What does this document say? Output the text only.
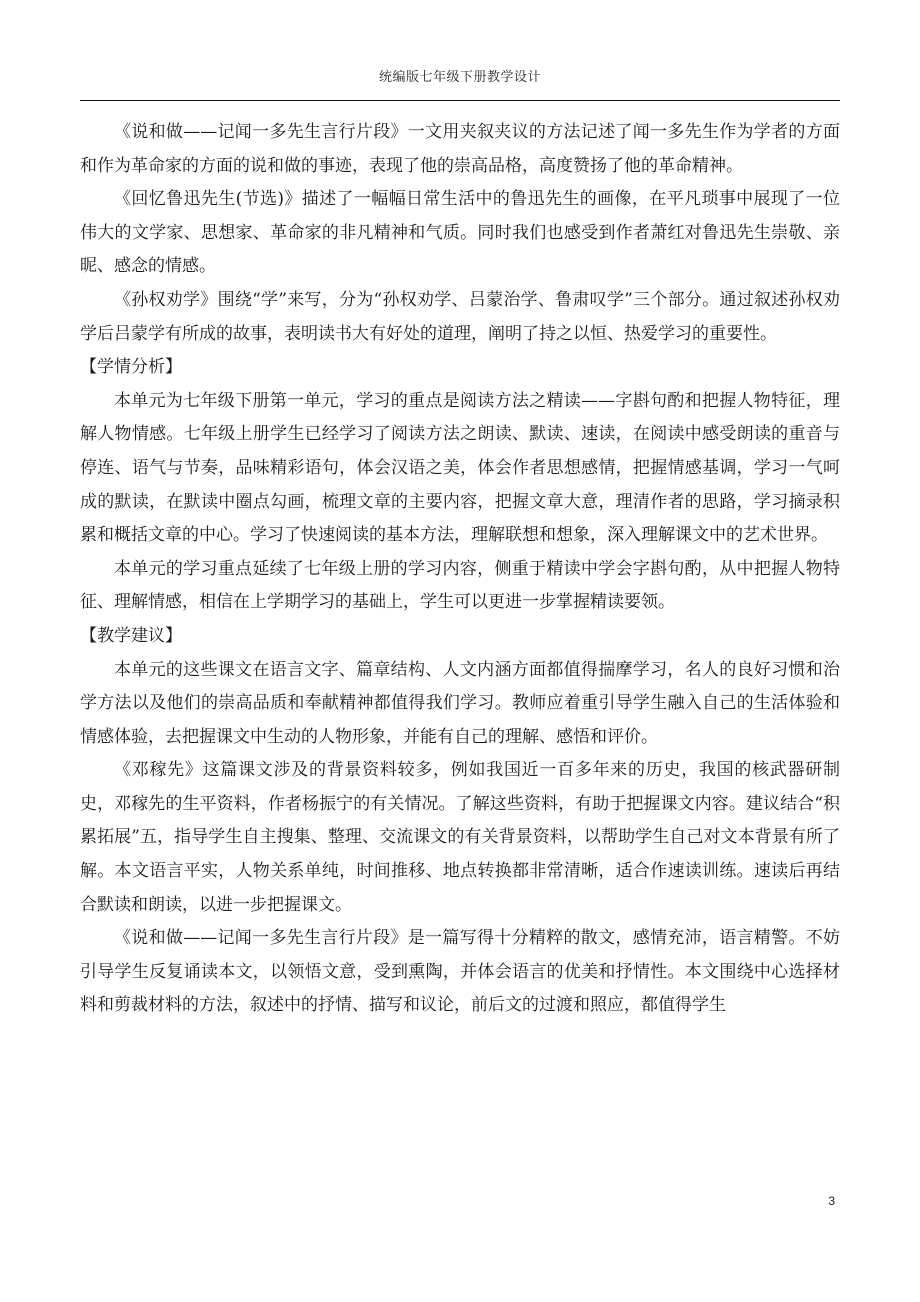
统编版七年级下册教学设计

《说和做——记闻一多先生言行片段》一文用夹叙夹议的方法记述了闻一多先生作为学者的方面和作为革命家的方面的说和做的事迹，表现了他的崇高品格，高度赞扬了他的革命精神。

《回忆鲁迅先生(节选)》描述了一幅幅日常生活中的鲁迅先生的画像，在平凡琐事中展现了一位伟大的文学家、思想家、革命家的非凡精神和气质。同时我们也感受到作者萧红对鲁迅先生崇敬、亲昵、感念的情感。

《孙权劝学》围绕“学”来写，分为“孙权劝学、吕蒙治学、鲁肃叹学”三个部分。通过叙述孙权劝学后吕蒙学有所成的故事，表明读书大有好处的道理，阐明了持之以恒、热爱学习的重要性。

【学情分析】

本单元为七年级下册第一单元，学习的重点是阅读方法之精读——字斟句酌和把握人物特征，理解人物情感。七年级上册学生已经学习了阅读方法之朗读、默读、速读，在阅读中感受朗读的重音与停连、语气与节奏，品味精彩语句，体会汉语之美，体会作者思想感情，把握情感基调，学习一气呵成的默读，在默读中圈点勾画，梳理文章的主要内容，把握文章大意，理清作者的思路，学习摘录积累和概括文章的中心。学习了快速阅读的基本方法，理解联想和想象，深入理解课文中的艺术世界。

本单元的学习重点延续了七年级上册的学习内容，侧重于精读中学会字斟句酌，从中把握人物特征、理解情感，相信在上学期学习的基础上，学生可以更进一步掌握精读要领。

【教学建议】

本单元的这些课文在语言文字、篇章结构、人文内涵方面都值得揣摩学习，名人的良好习惯和治学方法以及他们的崇高品质和奉献精神都值得我们学习。教师应着重引导学生融入自己的生活体验和情感体验，去把握课文中生动的人物形象，并能有自己的理解、感悟和评价。

《邓稼先》这篇课文涉及的背景资料较多，例如我国近一百多年来的历史，我国的核武器研制史，邓稼先的生平资料，作者杨振宁的有关情况。了解这些资料，有助于把握课文内容。建议结合“积累拓展”五，指导学生自主搜集、整理、交流课文的有关背景资料，以帮助学生自己对文本背景有所了解。本文语言平实，人物关系单纯，时间推移、地点转换都非常清晰，适合作速读训练。速读后再结合默读和朗读，以进一步把握课文。

《说和做——记闻一多先生言行片段》是一篇写得十分精粹的散文，感情充沛，语言精警。不妨引导学生反复诵读本文，以领悟文意，受到熏陶，并体会语言的优美和抒情性。本文围绕中心选择材料和剪裁材料的方法，叙述中的抒情、描写和议论，前后文的过渡和照应，都值得学生

3
